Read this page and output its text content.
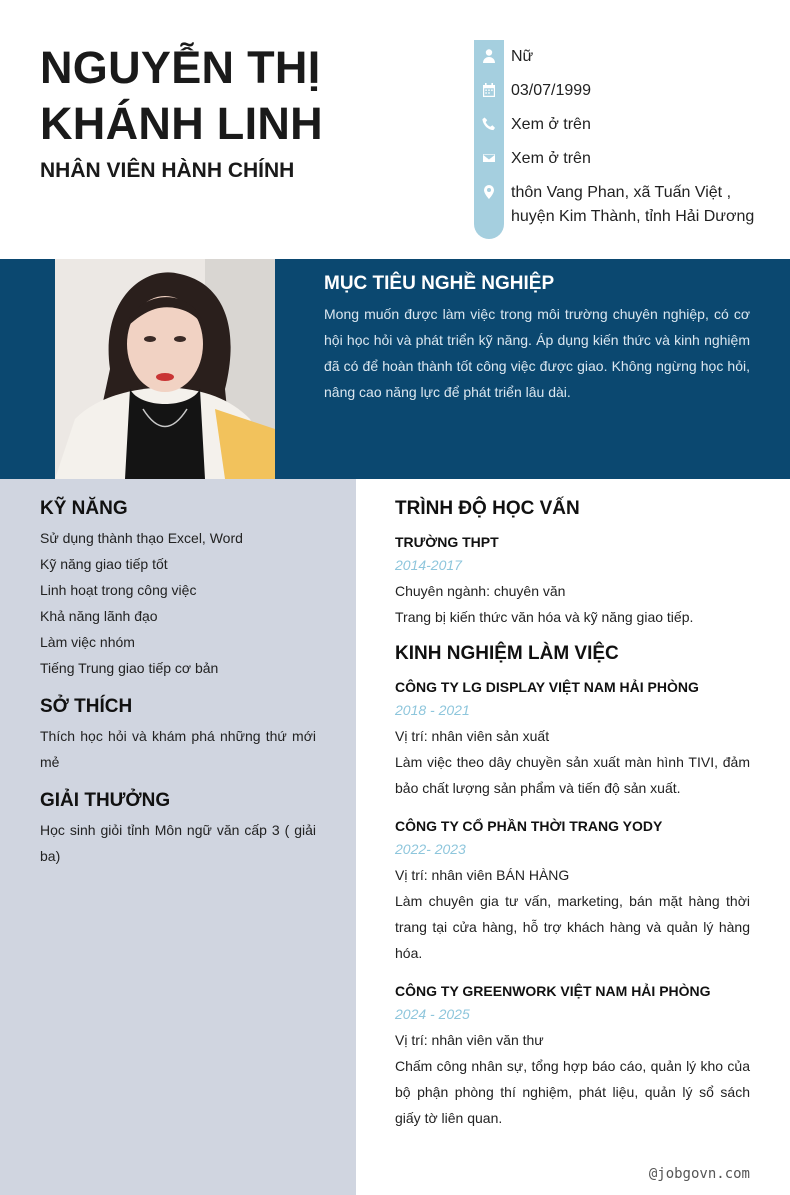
NGUYỄN THỊ KHÁNH LINH
NHÂN VIÊN HÀNH CHÍNH
Nữ
03/07/1999
Xem ở trên
Xem ở trên
thôn Vang Phan, xã Tuấn Việt , huyện Kim Thành, tỉnh Hải Dương
MỤC TIÊU NGHỀ NGHIỆP
Mong muốn được làm việc trong môi trường chuyên nghiệp, có cơ hội học hỏi và phát triển kỹ năng. Áp dụng kiến thức và kinh nghiệm đã có để hoàn thành tốt công việc được giao. Không ngừng học hỏi, nâng cao năng lực để phát triển lâu dài.
KỸ NĂNG
Sử dụng thành thạo Excel, Word
Kỹ năng giao tiếp tốt
Linh hoạt trong công việc
Khả năng lãnh đạo
Làm việc nhóm
Tiếng Trung giao tiếp cơ bản
SỞ THÍCH
Thích học hỏi và khám phá những thứ mới mẻ
GIẢI THƯỞNG
Học sinh giỏi tỉnh Môn ngữ văn cấp 3 ( giải ba)
TRÌNH ĐỘ HỌC VẤN
TRƯỜNG THPT
2014-2017
Chuyên ngành: chuyên văn
Trang bị kiến thức văn hóa và kỹ năng giao tiếp.
KINH NGHIỆM LÀM VIỆC
CÔNG TY LG DISPLAY VIỆT NAM HẢI PHÒNG
2018 - 2021
Vị trí: nhân viên sản xuất
Làm việc theo dây chuyền sản xuất màn hình TIVI, đảm bảo chất lượng sản phẩm và tiến độ sản xuất.
CÔNG TY CỔ PHẦN THỜI TRANG YODY
2022- 2023
Vị trí: nhân viên BÁN HÀNG
Làm chuyên gia tư vấn, marketing, bán mặt hàng thời trang tại cửa hàng, hỗ trợ khách hàng và quản lý hàng hóa.
CÔNG TY GREENWORK VIỆT NAM HẢI PHÒNG
2024 - 2025
Vị trí: nhân viên văn thư
Chấm công nhân sự, tổng hợp báo cáo, quản lý kho của bộ phận phòng thí nghiệm, phát liệu, quản lý sổ sách giấy tờ liên quan.
@jobgovn.com
